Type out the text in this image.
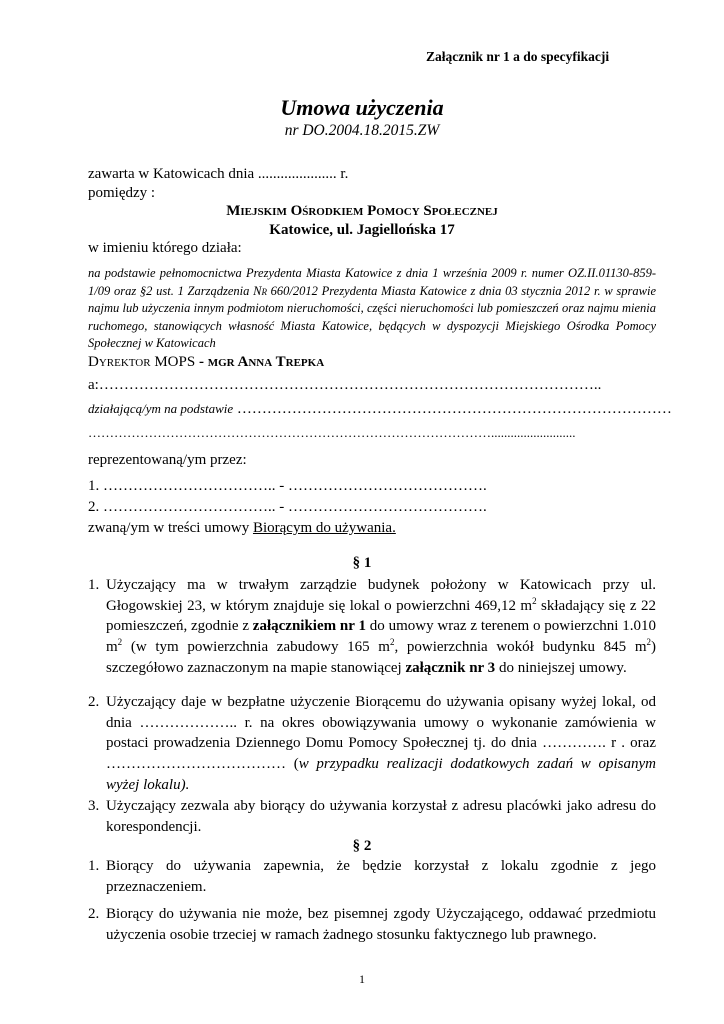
Załącznik nr 1 a do specyfikacji
Umowa użyczenia
nr DO.2004.18.2015.ZW
zawarta w Katowicach dnia ..................... r.
pomiędzy :
Miejskim Ośrodkiem Pomocy Społecznej
Katowice, ul. Jagiellońska 17
w imieniu którego działa:
na podstawie pełnomocnictwa Prezydenta Miasta Katowice z dnia 1 września 2009 r. numer OZ.II.01130-859-1/09 oraz §2 ust. 1 Zarządzenia Nr 660/2012 Prezydenta Miasta Katowice z dnia 03 stycznia 2012 r. w sprawie najmu lub użyczenia innym podmiotom nieruchomości, części nieruchomości lub pomieszczeń oraz najmu mienia ruchomego, stanowiących własność Miasta Katowice, będących w dyspozycji Miejskiego Ośrodka Pomocy Społecznej w Katowicach
Dyrektor MOPS - mgr Anna Trepka
a:………………………………………………………………………………………..
działającą/ym na podstawie ……………………………………………………………………………
…………………………………………………………………………………..........................
reprezentowaną/ym przez:
1. …………………………….. - ………………………………….
2. …………………………….. - ………………………………….
zwaną/ym w treści umowy Biorącym do używania.
§ 1
1. Użyczający ma w trwałym zarządzie budynek położony w Katowicach przy ul. Głogowskiej 23, w którym znajduje się lokal o powierzchni 469,12 $m^2$ składający się z 22 pomieszczeń, zgodnie z załącznikiem nr 1 do umowy wraz z terenem o powierzchni 1.010 $m^2$ (w tym powierzchnia zabudowy 165 $m^2$, powierzchnia wokół budynku 845 $m^2$) szczegółowo zaznaczonym na mapie stanowiącej załącznik nr 3 do niniejszej umowy.
2. Użyczający daje w bezpłatne użyczenie Biorącemu do używania opisany wyżej lokal, od dnia ……………….. r. na okres obowiązywania umowy o wykonanie zamówienia w postaci prowadzenia Dziennego Domu Pomocy Społecznej tj. do dnia …………. r . oraz ……………………………… (w przypadku realizacji dodatkowych zadań w opisanym wyżej lokalu).
3. Użyczający zezwala aby biorący do używania korzystał z adresu placówki jako adresu do korespondencji.
§ 2
1. Biorący do używania zapewnia, że będzie korzystał z lokalu zgodnie z jego przeznaczeniem.
2. Biorący do używania nie może, bez pisemnej zgody Użyczającego, oddawać przedmiotu użyczenia osobie trzeciej w ramach żadnego stosunku faktycznego lub prawnego.
1
